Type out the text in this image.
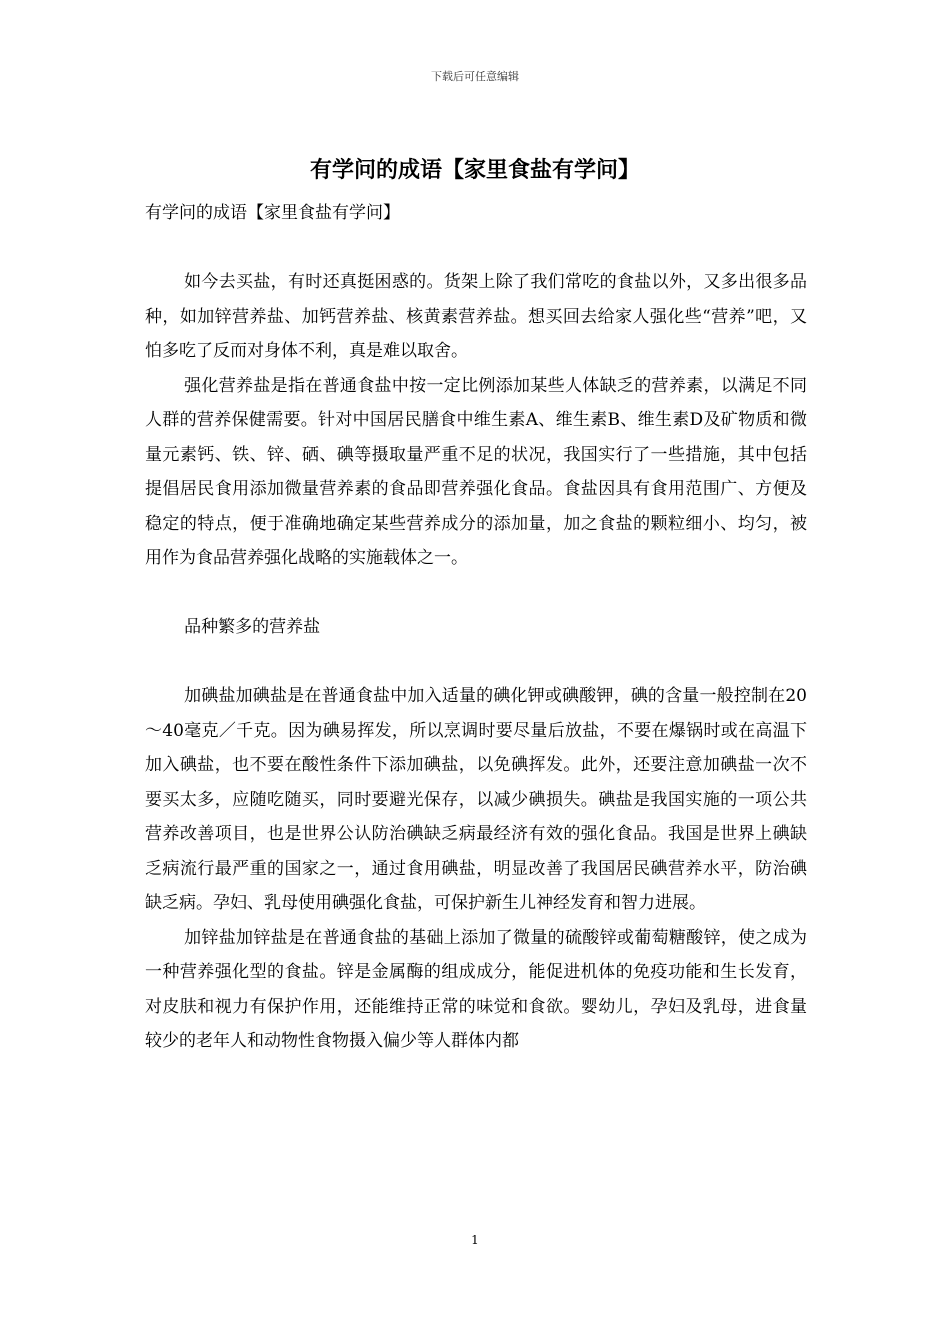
下载后可任意编辑
有学问的成语【家里食盐有学问】

有学问的成语【家里食盐有学问】

如今去买盐，有时还真挺困惑的。货架上除了我们常吃的食盐以外，又多出很多品种，如加锌营养盐、加钙营养盐、核黄素营养盐。想买回去给家人强化些“营养”吧，又怕多吃了反而对身体不利，真是难以取舍。

强化营养盐是指在普通食盐中按一定比例添加某些人体缺乏的营养素，以满足不同人群的营养保健需要。针对中国居民膳食中维生素A、维生素B、维生素D及矿物质和微量元素钙、铁、锌、硒、碘等摄取量严重不足的状况，我国实行了一些措施，其中包括提倡居民食用添加微量营养素的食品即营养强化食品。食盐因具有食用范围广、方便及稳定的特点，便于准确地确定某些营养成分的添加量，加之食盐的颗粒细小、均匀，被用作为食品营养强化战略的实施载体之一。

品种繁多的营养盐

加碘盐加碘盐是在普通食盐中加入适量的碘化钾或碘酸钾，碘的含量一般控制在20～40毫克／千克。因为碘易挥发，所以烹调时要尽量后放盐，不要在爆锅时或在高温下加入碘盐，也不要在酸性条件下添加碘盐，以免碘挥发。此外，还要注意加碘盐一次不要买太多，应随吃随买，同时要避光保存，以减少碘损失。碘盐是我国实施的一项公共营养改善项目，也是世界公认防治碘缺乏病最经济有效的强化食品。我国是世界上碘缺乏病流行最严重的国家之一，通过食用碘盐，明显改善了我国居民碘营养水平，防治碘缺乏病。孕妇、乳母使用碘强化食盐，可保护新生儿神经发育和智力进展。

加锌盐加锌盐是在普通食盐的基础上添加了微量的硫酸锌或葡萄糖酸锌，使之成为一种营养强化型的食盐。锌是金属酶的组成成分，能促进机体的免疫功能和生长发育，对皮肤和视力有保护作用，还能维持正常的味觉和食欲。婴幼儿，孕妇及乳母，进食量较少的老年人和动物性食物摄入偏少等人群体内都

1
